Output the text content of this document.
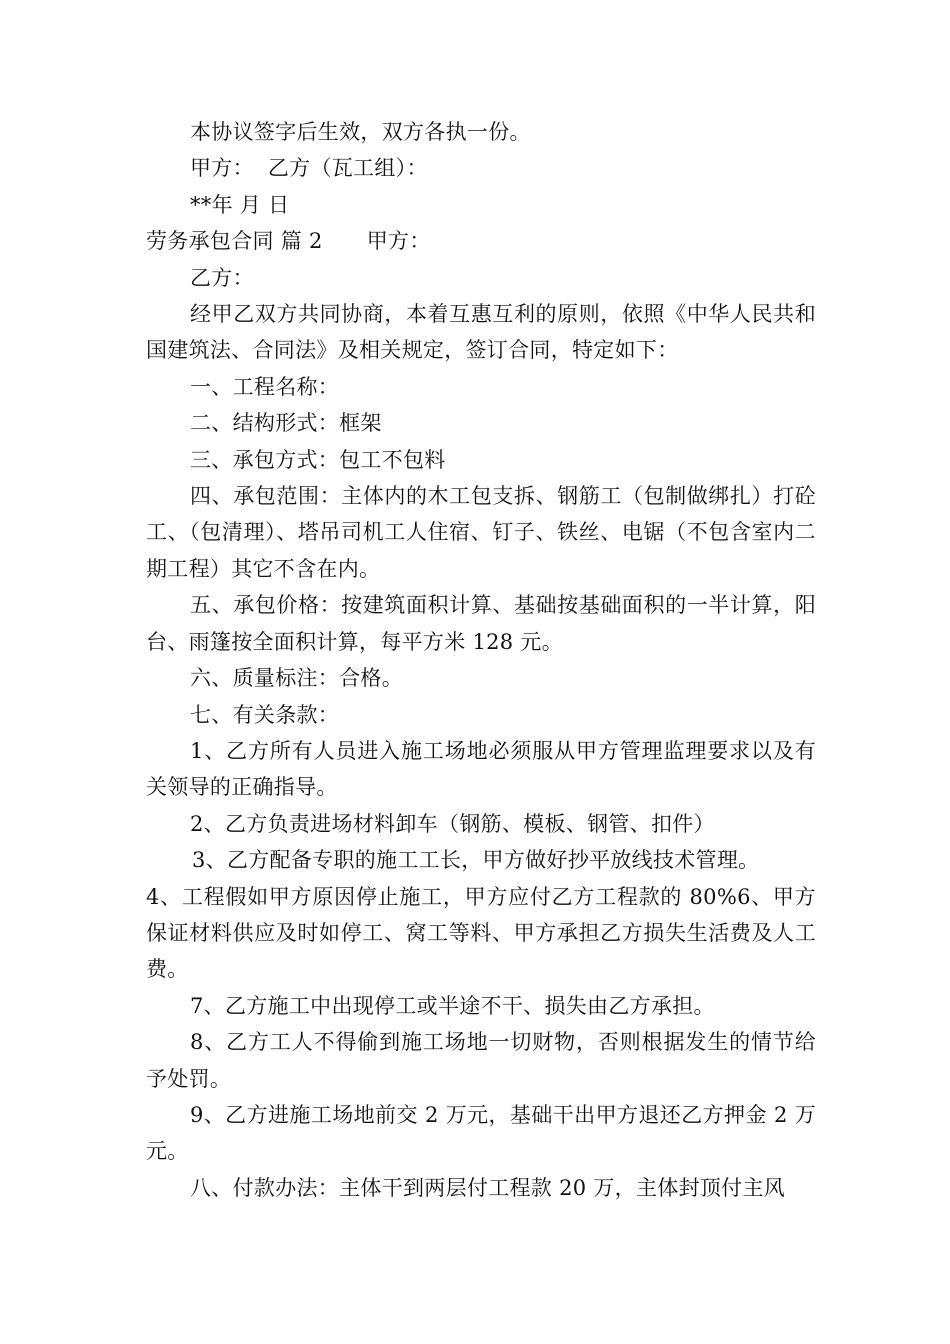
本协议签字后生效，双方各执一份。

甲方：  乙方（瓦工组）：

**年 月 日

劳务承包合同 篇 2 甲方：

乙方：

经甲乙双方共同协商，本着互惠互利的原则，依照《中华人民共和国建筑法、合同法》及相关规定，签订合同，特定如下：

一、工程名称：

二、结构形式：框架

三、承包方式：包工不包料

四、承包范围：主体内的木工包支拆、钢筋工（包制做绑扎）打砼工、（包清理）、塔吊司机工人住宿、钉子、铁丝、电锯（不包含室内二期工程）其它不含在内。

五、承包价格：按建筑面积计算、基础按基础面积的一半计算，阳台、雨篷按全面积计算，每平方米 128 元。

六、质量标注：合格。

七、有关条款：

1、乙方所有人员进入施工场地必须服从甲方管理监理要求以及有关领导的正确指导。

2、乙方负责进场材料卸车（钢筋、模板、钢管、扣件）

3、乙方配备专职的施工工长，甲方做好抄平放线技术管理。

4、工程假如甲方原因停止施工，甲方应付乙方工程款的 80%6、甲方保证材料供应及时如停工、窝工等料、甲方承担乙方损失生活费及人工费。

7、乙方施工中出现停工或半途不干、损失由乙方承担。

8、乙方工人不得偷到施工场地一切财物，否则根据发生的情节给予处罚。

9、乙方进施工场地前交 2 万元，基础干出甲方退还乙方押金 2 万元。

八、付款办法：主体干到两层付工程款 20 万，主体封顶付主风
